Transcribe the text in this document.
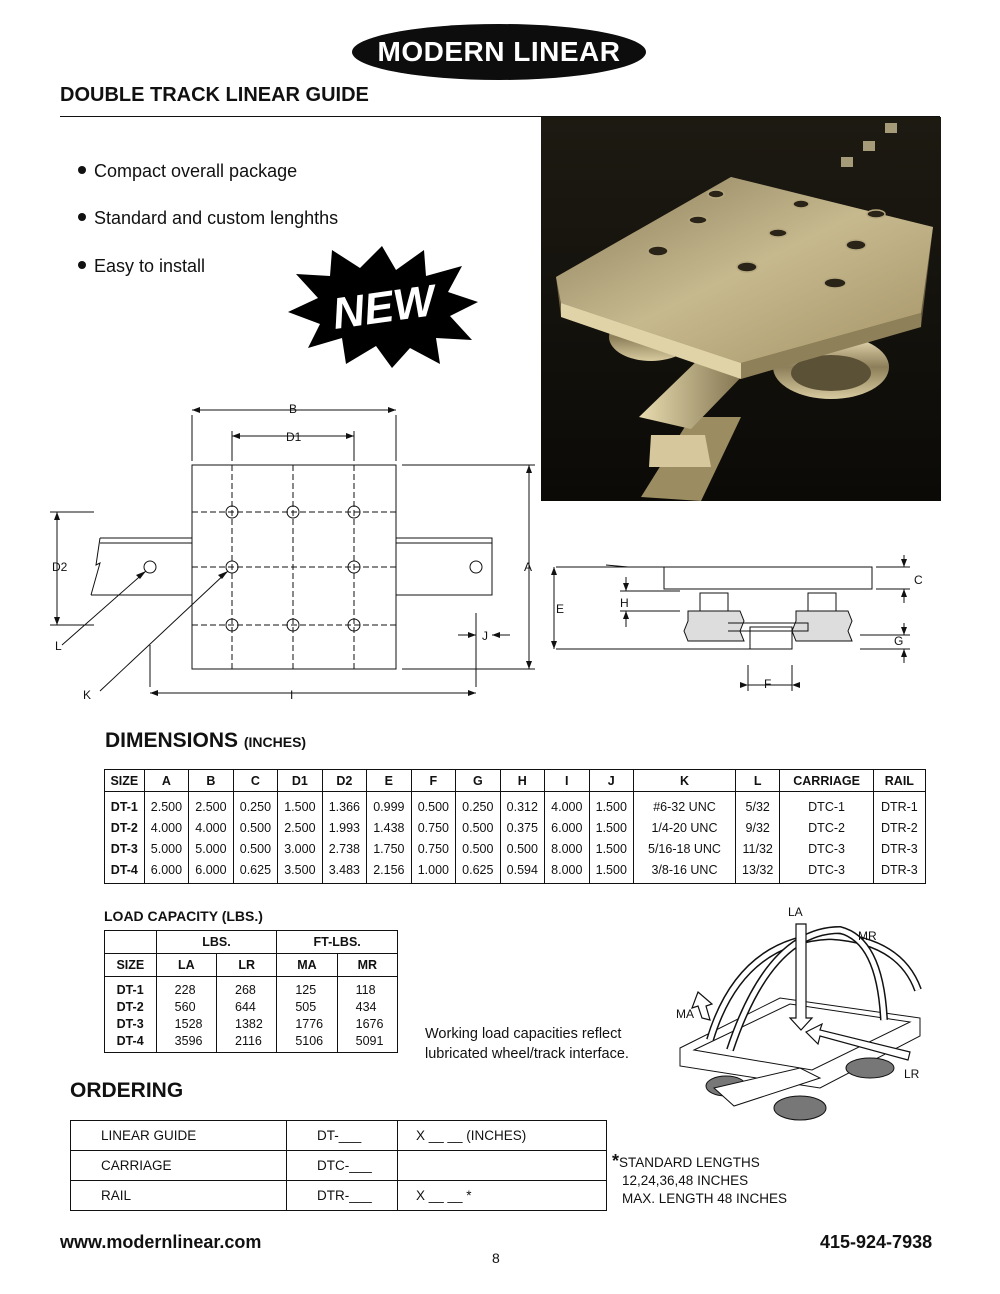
MODERN LINEAR
DOUBLE TRACK LINEAR GUIDE
Compact overall package
Standard and custom lenghths
Easy to install
NEW
B
D1
D2	A
L
J
K	I
C
H
E
G
F
DIMENSIONS (INCHES)
SIZE	A	B	C	D1	D2	E	F	G	H	I	J	K	L	CARRIAGE	RAIL
DT-1	2.500	2.500	0.250	1.500	1.366	0.999	0.500	0.250	0.312	4.000	1.500	#6-32 UNC	5/32	DTC-1	DTR-1
DT-2	4.000	4.000	0.500	2.500	1.993	1.438	0.750	0.500	0.375	6.000	1.500	1/4-20 UNC	9/32	DTC-2	DTR-2
DT-3	5.000	5.000	0.500	3.000	2.738	1.750	0.750	0.500	0.500	8.000	1.500	5/16-18 UNC	11/32	DTC-3	DTR-3
DT-4	6.000	6.000	0.625	3.500	3.483	2.156	1.000	0.625	0.594	8.000	1.500	3/8-16 UNC	13/32	DTC-3	DTR-3
LOAD CAPACITY (LBS.)
	LBS.		FT-LBS.	
SIZE	LA	LR	MA	MR
DT-1	228	268	125	118
DT-2	560	644	505	434
DT-3	1528	1382	1776	1676
DT-4	3596	2116	5106	5091	Working load capacities reflect
lubricated wheel/track interface.
LA
MR
MA
LR
ORDERING
LINEAR GUIDE	DT-___	X __ __ (INCHES)
CARRIAGE	DTC-___	
RAIL	DTR-___	X __ __ *
*STANDARD LENGTHS
12,24,36,48 INCHES
MAX. LENGTH 48 INCHES
www.modernlinear.com	415-924-7938
8
